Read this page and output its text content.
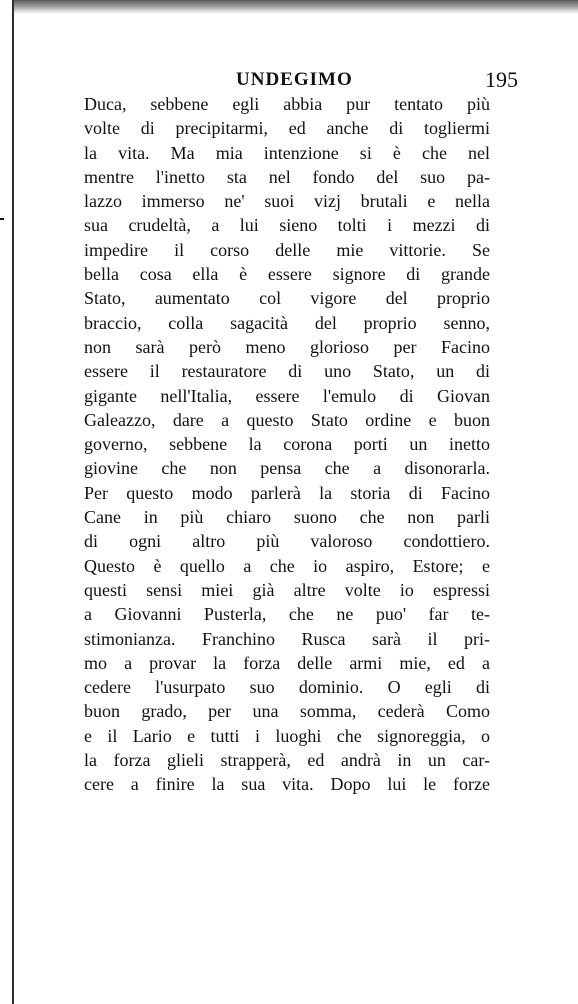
UNDEGIMO	195
Duca, sebbene egli abbia pur tentato più
volte di precipitarmi, ed anche di togliermi
la vita. Ma mia intenzione si è che nel
mentre l'inetto sta nel fondo del suo pa-
lazzo immerso ne' suoi vizj brutali e nella
sua crudeltà, a lui sieno tolti i mezzi di
impedire il corso delle mie vittorie. Se
bella cosa ella è essere signore di grande
Stato, aumentato col vigore del proprio
braccio, colla sagacità del proprio senno,
non sarà però meno glorioso per Facino
essere il restauratore di uno Stato, un di
gigante nell'Italia, essere l'emulo di Giovan
Galeazzo, dare a questo Stato ordine e buon
governo, sebbene la corona porti un inetto
giovine che non pensa che a disonorarla.
Per questo modo parlerà la storia di Facino
Cane in più chiaro suono che non parli
di ogni altro più valoroso condottiero.
Questo è quello a che io aspiro, Estore; e
questi sensi miei già altre volte io espressi
a Giovanni Pusterla, che ne puo' far te-
stimonianza. Franchino Rusca sarà il pri-
mo a provar la forza delle armi mie, ed a
cedere l'usurpato suo dominio. O egli di
buon grado, per una somma, cederà Como
e il Lario e tutti i luoghi che signoreggia, o
la forza glieli strapperà, ed andrà in un car-
cere a finire la sua vita. Dopo lui le forze
